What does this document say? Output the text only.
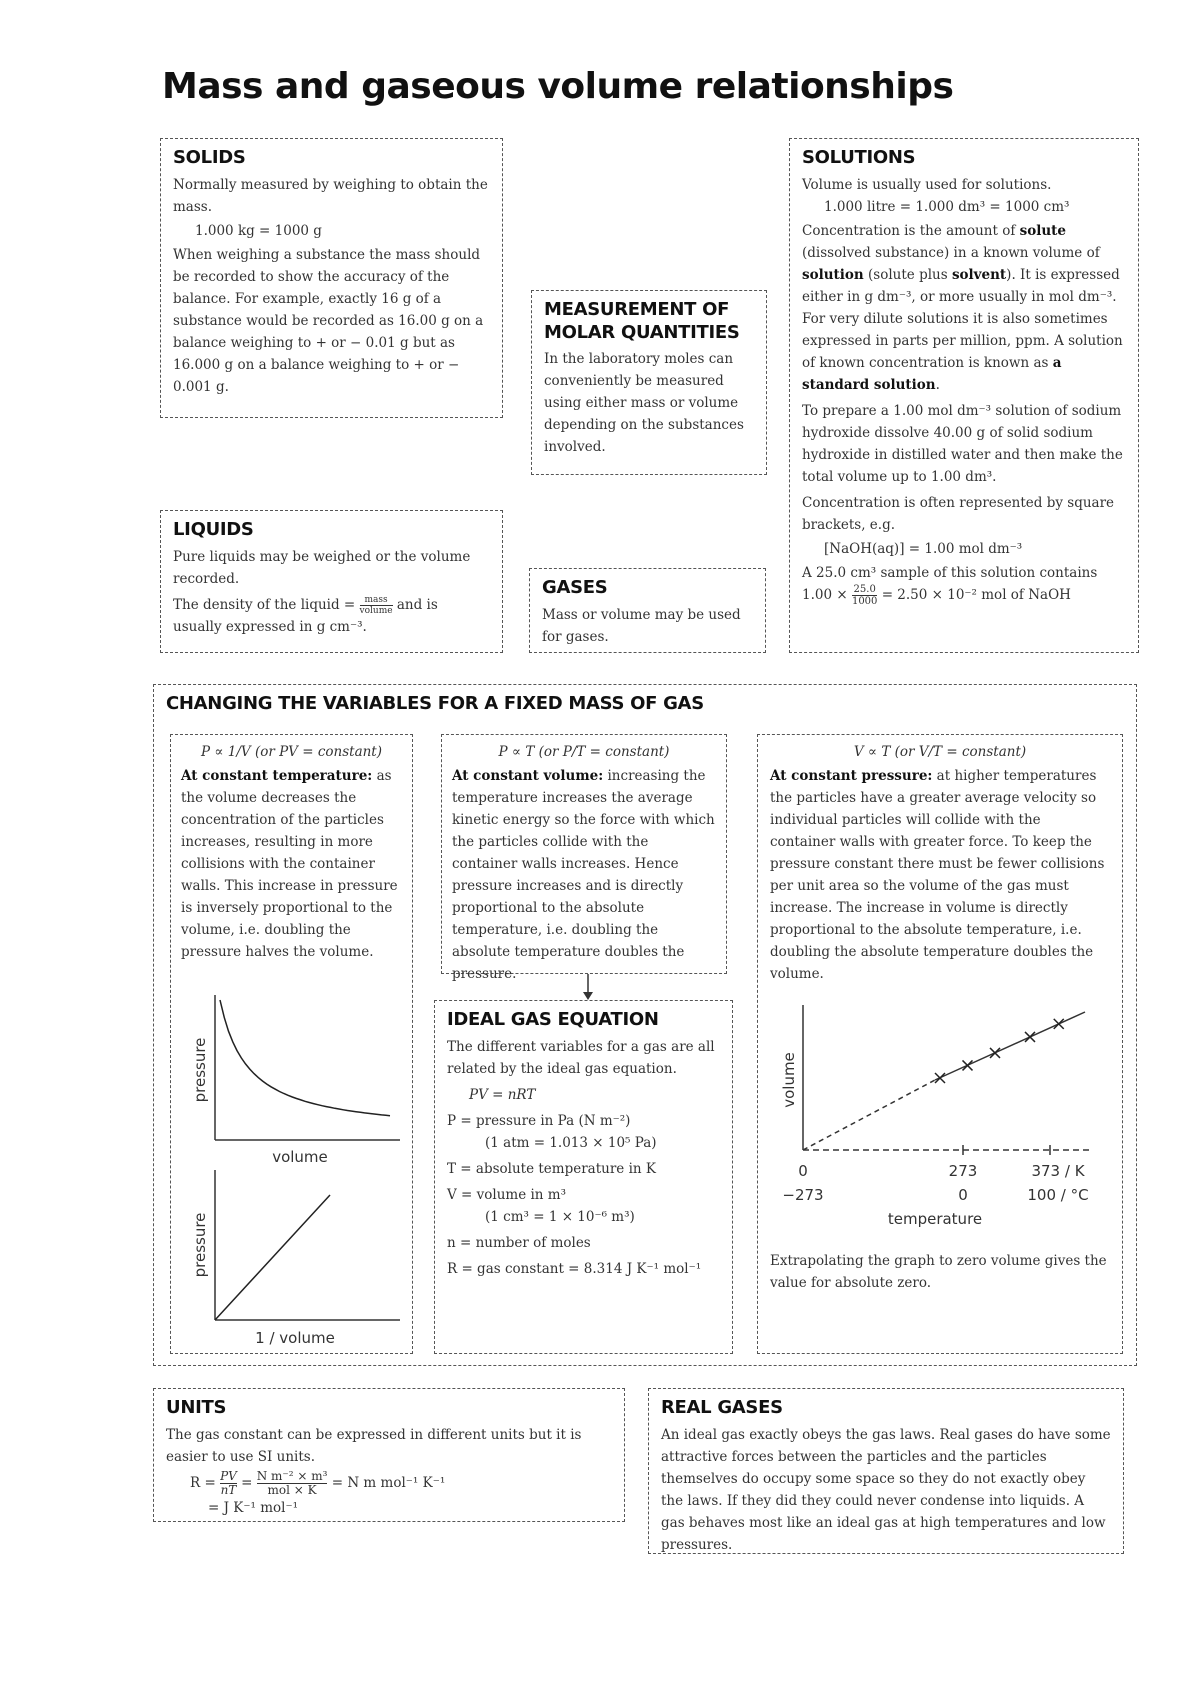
Mass and gaseous volume relationships
SOLIDS

Normally measured by weighing to obtain the mass.

1.000 kg = 1000 g

When weighing a substance the mass should be recorded to show the accuracy of the balance. For example, exactly 16 g of a substance would be recorded as 16.00 g on a balance weighing to + or − 0.01 g but as 16.000 g on a balance weighing to + or − 0.001 g.

MEASUREMENT OF
MOLAR QUANTITIES

In the laboratory moles can conveniently be measured using either mass or volume depending on the substances involved.

SOLUTIONS

Volume is usually used for solutions.

1.000 litre = 1.000 dm³ = 1000 cm³

Concentration is the amount of solute (dissolved substance) in a known volume of solution (solute plus solvent). It is expressed either in g dm⁻³, or more usually in mol dm⁻³. For very dilute solutions it is also sometimes expressed in parts per million, ppm. A solution of known concentration is known as a standard solution.

To prepare a 1.00 mol dm⁻³ solution of sodium hydroxide dissolve 40.00 g of solid sodium hydroxide in distilled water and then make the total volume up to 1.00 dm³.

Concentration is often represented by square brackets, e.g.

[NaOH(aq)] = 1.00 mol dm⁻³

A 25.0 cm³ sample of this solution contains

$1.00 \times \frac{25.0}{1000} = 2.50 \times 10^{-2}$ mol of NaOH

LIQUIDS

Pure liquids may be weighed or the volume recorded.

The density of the liquid = mass
volume and is usually expressed in g cm⁻³.

GASES

Mass or volume may be used for gases.

CHANGING THE VARIABLES FOR A FIXED MASS OF GAS

P ∝ 1/V (or PV = constant)

At constant temperature: as the volume decreases the concentration of the particles increases, resulting in more collisions with the container walls. This increase in pressure is inversely proportional to the volume, i.e. doubling the pressure halves the volume.

pressure
volume
pressure
1 / volume

P ∝ T (or P/T = constant)

At constant volume: increasing the temperature increases the average kinetic energy so the force with which the particles collide with the container walls increases. Hence pressure increases and is directly proportional to the absolute temperature, i.e. doubling the absolute temperature doubles the pressure.

IDEAL GAS EQUATION

The different variables for a gas are all related by the ideal gas equation.

PV = nRT

P = pressure in Pa (N m⁻²)

(1 atm = 1.013 × 10⁵ Pa)

T = absolute temperature in K

V = volume in m³

(1 cm³ = 1 × 10⁻⁶ m³)

n = number of moles

R = gas constant = 8.314 J K⁻¹ mol⁻¹

V ∝ T (or V/T = constant)

At constant pressure: at higher temperatures the particles have a greater average velocity so individual particles will collide with the container walls with greater force. To keep the pressure constant there must be fewer collisions per unit area so the volume of the gas must increase. The increase in volume is directly proportional to the absolute temperature, i.e. doubling the absolute temperature doubles the volume.

volume
0	273	373 / K
−273	0	100 / °C
temperature

Extrapolating the graph to zero volume gives the value for absolute zero.

UNITS

The gas constant can be expressed in different units but it is easier to use SI units.

$R = \frac{PV}{nT} = N$ m⁻² × m³
mol × K = N m mol⁻¹ K⁻¹

= J K⁻¹ mol⁻¹

REAL GASES

An ideal gas exactly obeys the gas laws. Real gases do have some attractive forces between the particles and the particles themselves do occupy some space so they do not exactly obey the laws. If they did they could never condense into liquids. A gas behaves most like an ideal gas at high temperatures and low pressures.
